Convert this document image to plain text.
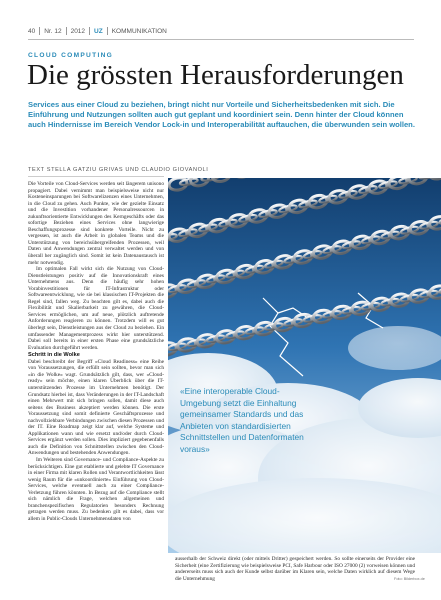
40 Nr. 12 2012 UZ KOMMUNIKATION
CLOUD COMPUTING
Die grössten Herausforderungen
Services aus einer Cloud zu beziehen, bringt nicht nur Vorteile und Sicherheitsbedenken mit sich. Die Einführung und Nutzungen sollten auch gut geplant und koordiniert sein. Denn hinter der Cloud können auch Hindernisse im Bereich Vendor Lock-in und Interoperabilität auftauchen, die überwunden sein wollen.
TEXT STELLA GATZIU GRIVAS UND CLAUDIO GIOVANOLI

Die Vorteile von Cloud-Services werden seit längerem unisono propagiert. Dabei vernimmt man beispielsweise nicht nur Kosteneinsparungen bei Softwarelizenzen eines Unternehmen, in die Cloud zu gehen. Auch Punkte, wie der gezielte Einsatz und die Investition vorhandener Personalressourcen in zukunftsorientierte Entwicklungen des Kerngeschäfts oder das sofortige Beziehen eines Services ohne langwierige Beschaffungsprozesse sind konkrete Vorteile. Nicht zu vergessen, ist auch die Arbeit in globalen Teams und die Unterstützung von bereichsübergreifenden Prozessen, weil Daten und Anwendungen zentral verwaltet werden und von überall her zugänglich sind. Somit ist kein Datenaustausch ist mehr notwendig.

Im optimalen Fall wirkt sich die Nutzung von Cloud-Dienstleistungen positiv auf die Innovationskraft eines Unternehmens aus. Denn die häufig sehr hohen Vorabinvestitionen für IT-Infrastruktur oder Softwareentwicklung, wie sie bei klassischen IT-Projekten die Regel sind, fallen weg. Zu beachten gilt es, dabei auch die Flexibilität und Skalierbarkeit zu gewähren, die Cloud-Services ermöglichen, um auf neue, plötzlich auftretende Anforderungen reagieren zu können. Trotzdem will es gut überlegt sein, Dienstleistungen aus der Cloud zu beziehen. Ein umfassender Managementprozess wirkt hier unterstützend. Dabei soll bereits in einer ersten Phase eine grundsätzliche Evaluation durchgeführt werden.

Schritt in die Wolke

Dabei beschreibt der Begriff «Cloud Readiness» eine Reihe von Voraussetzungen, die erfüllt sein sollten, bevor man sich «in die Wolke» wagt. Grundsätzlich gilt, dass, wer «Cloud-ready» sein möchte, einen klaren Überblick über die IT-unterstützenden Prozesse im Unternehmen benötigt. Der Grundsatz hierbei ist, dass Veränderungen in der IT-Landschaft einen Mehrwert mit sich bringen sollen, damit diese auch seitens des Business akzeptiert werden können. Die erste Voraussetzung sind somit definierte Geschäftsprozesse und nachvollziehbare Verbindungen zwischen diesen Prozessen und der IT. Eine Roadmap zeigt klar auf, welche Systeme und Applikationen wann und wie ersetzt und/oder durch Cloud-Services ergänzt werden sollen. Dies impliziert gegebenenfalls auch die Definition von Schnittstellen zwischen den Cloud-Anwendungen und bestehenden Anwendungen.

Im Weiteren sind Governance- und Compliance-Aspekte zu berücksichtigen. Eine gut etablierte und gelebte IT Governance in einer Firma mit klaren Rollen und Verantwortlichkeiten lässt wenig Raum für die «unkoordinierte» Einführung von Cloud-Services, welche eventuell auch zu einer Compliance-Verletzung führen könnten. In Bezug auf die Compliance stellt sich nämlich die Frage, welchen allgemeinen und branchenspezifischen Regulatorien besonders Rechnung getragen werden muss. Zu bedenken gilt es dabei, dass vor allem in Public-Clouds Unternehmensdaten von

«Eine interoperable Cloud-Umgebung setzt die Einhaltung gemeinsamer Standards und das Anbieten von standardisierten Schnittstellen und Datenformaten voraus»

ausserhalb der Schweiz direkt (oder mittels Dritter) gespeichert werden. So sollte einerseits der Provider eine Sicherheit (eine Zertifizierung wie beispielsweise PCI, Safe Harbour oder ISO 27000 (2) vorweisen können und andererseits muss sich auch der Kunde selbst darüber im Klaren sein, welche Daten wirklich auf diesem Wege die Unternehmung	Foto: Bilderbox.de
